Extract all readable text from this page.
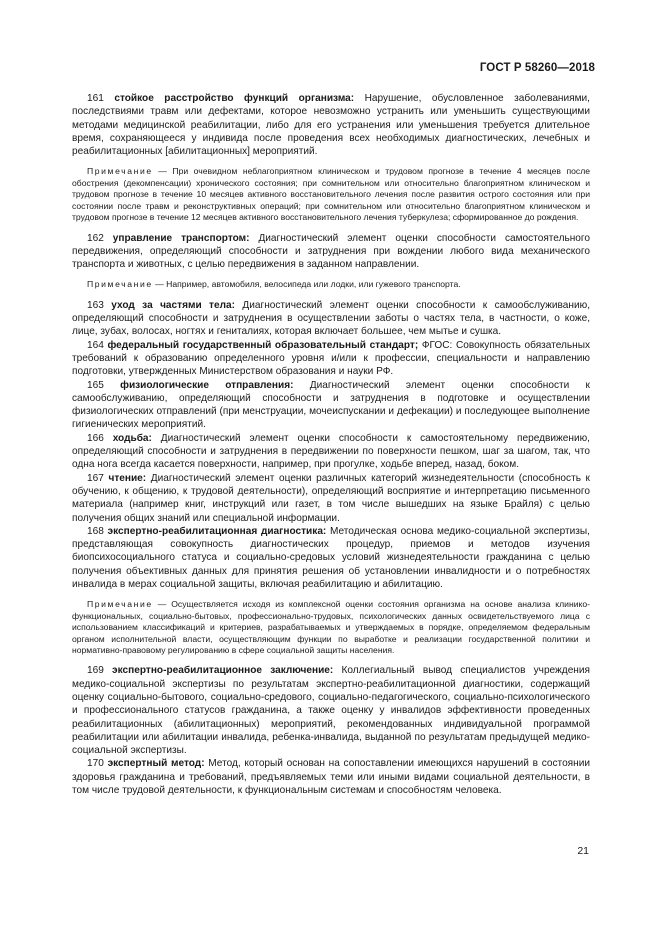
ГОСТ Р 58260—2018

161 стойкое расстройство функций организма: Нарушение, обусловленное заболеваниями, последствиями травм или дефектами, которое невозможно устранить или уменьшить существующими методами медицинской реабилитации, либо для его устранения или уменьшения требуется длительное время, сохраняющееся у индивида после проведения всех необходимых диагностических, лечебных и реабилитационных [абилитационных] мероприятий.

Примечание — При очевидном неблагоприятном клиническом и трудовом прогнозе в течение 4 месяцев после обострения (декомпенсации) хронического состояния; при сомнительном или относительно благоприятном клиническом и трудовом прогнозе в течение 10 месяцев активного восстановительного лечения после развития острого состояния или при состоянии после травм и реконструктивных операций; при сомнительном или относительно благоприятном клиническом и трудовом прогнозе в течение 12 месяцев активного восстановительного лечения туберкулеза; сформированное до рождения.

162 управление транспортом: Диагностический элемент оценки способности самостоятельного передвижения, определяющий способности и затруднения при вождении любого вида механического транспорта и животных, с целью передвижения в заданном направлении.

Примечание — Например, автомобиля, велосипеда или лодки, или гужевого транспорта.

163 уход за частями тела: Диагностический элемент оценки способности к самообслуживанию, определяющий способности и затруднения в осуществлении заботы о частях тела, в частности, о коже, лице, зубах, волосах, ногтях и гениталиях, которая включает большее, чем мытье и сушка.

164 федеральный государственный образовательный стандарт; ФГОС: Совокупность обязательных требований к образованию определенного уровня и/или к профессии, специальности и направлению подготовки, утвержденных Министерством образования и науки РФ.

165 физиологические отправления: Диагностический элемент оценки способности к самообслуживанию, определяющий способности и затруднения в подготовке и осуществлении физиологических отправлений (при менструации, мочеиспускании и дефекации) и последующее выполнение гигиенических мероприятий.

166 ходьба: Диагностический элемент оценки способности к самостоятельному передвижению, определяющий способности и затруднения в передвижении по поверхности пешком, шаг за шагом, так, что одна нога всегда касается поверхности, например, при прогулке, ходьбе вперед, назад, боком.

167 чтение: Диагностический элемент оценки различных категорий жизнедеятельности (способность к обучению, к общению, к трудовой деятельности), определяющий восприятие и интерпретацию письменного материала (например книг, инструкций или газет, в том числе вышедших на языке Брайля) с целью получения общих знаний или специальной информации.

168 экспертно-реабилитационная диагностика: Методическая основа медико-социальной экспертизы, представляющая совокупность диагностических процедур, приемов и методов изучения биопсихосоциального статуса и социально-средовых условий жизнедеятельности гражданина с целью получения объективных данных для принятия решения об установлении инвалидности и о потребностях инвалида в мерах социальной защиты, включая реабилитацию и абилитацию.

Примечание — Осуществляется исходя из комплексной оценки состояния организма на основе анализа клинико-функциональных, социально-бытовых, профессионально-трудовых, психологических данных освидетельствуемого лица с использованием классификаций и критериев, разрабатываемых и утверждаемых в порядке, определяемом федеральным органом исполнительной власти, осуществляющим функции по выработке и реализации государственной политики и нормативно-правовому регулированию в сфере социальной защиты населения.

169 экспертно-реабилитационное заключение: Коллегиальный вывод специалистов учреждения медико-социальной экспертизы по результатам экспертно-реабилитационной диагностики, содержащий оценку социально-бытового, социально-средового, социально-педагогического, социально-психологического и профессионального статусов гражданина, а также оценку у инвалидов эффективности проведенных реабилитационных (абилитационных) мероприятий, рекомендованных индивидуальной программой реабилитации или абилитации инвалида, ребенка-инвалида, выданной по результатам предыдущей медико-социальной экспертизы.

170 экспертный метод: Метод, который основан на сопоставлении имеющихся нарушений в состоянии здоровья гражданина и требований, предъявляемых теми или иными видами социальной деятельности, в том числе трудовой деятельности, к функциональным системам и способностям человека.

21
